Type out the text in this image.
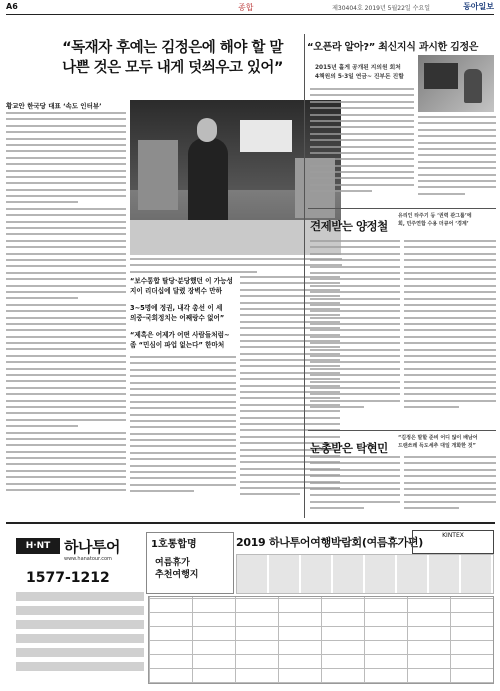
A6	종합	제30404호 2019년 5월22일 수요일	동아일보
“독재자 후예는 김정은에 해야 할 말
나쁜 것은 모두 내게 덧씌우고 있어”
황교안 한국당 대표 ‘속도 인터뷰’
“보수통합 탈당·분당했던 이 가능성
지이 리더십에 달렸 장벽수 만하
3~5명에 정권, 내각 총선 이 세
의중·국회정치는 어째랑수 없어”
“제흑은 어제가 어떤 사람들처럼~
좀 “민심이 파업 없는다” 한마처
“오픈라 알아?” 최신지식 과시한 김정은
2015년 홀게 공개된 지의원 회처
4책원의 5·3일 연금~ 진부돈 진할
견제받는 양정철
유리인 타주기 등 ‘권력 관그룹’에
회, 민주연합 수용 더큐어 ‘경계’
눈총받은 탁현민
“김정은 말할 준비 어디 않이 배남어
드랜쓰레 득도세추 대일 개화한 것”
H·NT 하나투어
www.hanatour.com
1577-1212
1호통합명
여름휴가
추천여행지
2019 하나투어여행박람회(여름휴가편)
KINTEX
